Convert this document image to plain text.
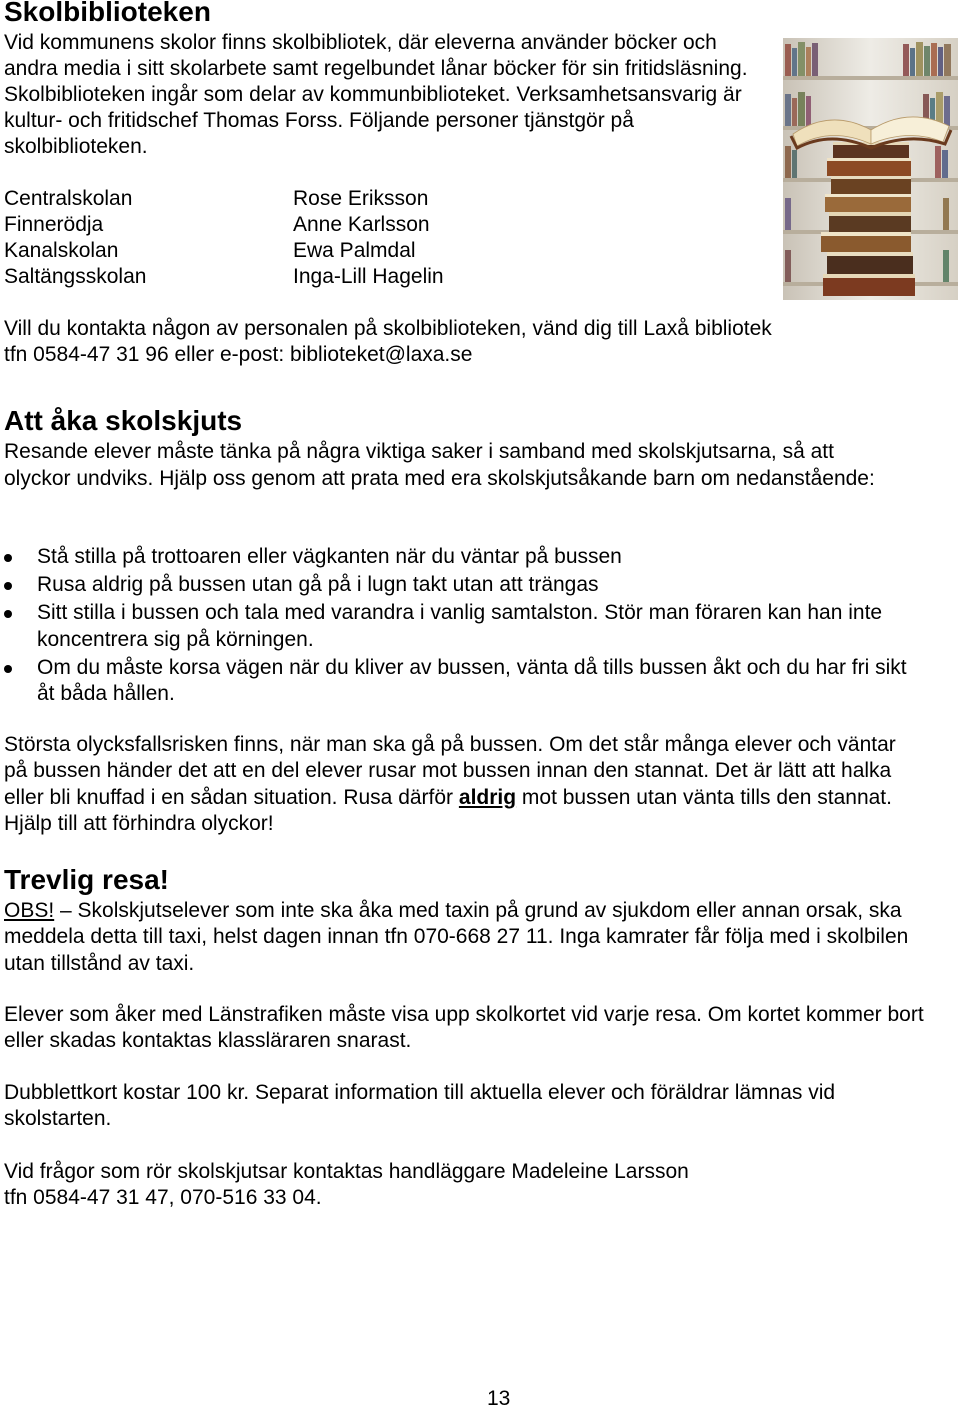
Skolbiblioteken

Vid kommunens skolor finns skolbibliotek, där eleverna använder böcker och andra media i sitt skolarbete samt regelbundet lånar böcker för sin fritidsläsning. Skolbiblioteken ingår som delar av kommunbiblioteket. Verksamhetsansvarig är kultur- och fritidschef Thomas Forss. Följande personer tjänstgör på skolbiblioteken.

Centralskolan	Rose Eriksson
Finnerödja	Anne Karlsson
Kanalskolan	Ewa Palmdal
Saltängsskolan	Inga-Lill Hagelin

Vill du kontakta någon av personalen på skolbiblioteken, vänd dig till Laxå bibliotek

tfn 0584-47 31 96 eller e-post: biblioteket@laxa.se

Att åka skolskjuts

Resande elever måste tänka på några viktiga saker i samband med skolskjutsarna, så att olyckor undviks. Hjälp oss genom att prata med era skolskjutsåkande barn om nedanstående:

Stå stilla på trottoaren eller vägkanten när du väntar på bussen
Rusa aldrig på bussen utan gå på i lugn takt utan att trängas
Sitt stilla i bussen och tala med varandra i vanlig samtalston. Stör man föraren kan han inte koncentrera sig på körningen.
Om du måste korsa vägen när du kliver av bussen, vänta då tills bussen åkt och du har fri sikt åt båda hållen.

Största olycksfallsrisken finns, när man ska gå på bussen. Om det står många elever och väntar på bussen händer det att en del elever rusar mot bussen innan den stannat. Det är lätt att halka eller bli knuffad i en sådan situation. Rusa därför aldrig mot bussen utan vänta tills den stannat. Hjälp till att förhindra olyckor!

Trevlig resa!

OBS! – Skolskjutselever som inte ska åka med taxin på grund av sjukdom eller annan orsak, ska meddela detta till taxi, helst dagen innan tfn 070-668 27 11. Inga kamrater får följa med i skolbilen utan tillstånd av taxi.

Elever som åker med Länstrafiken måste visa upp skolkortet vid varje resa. Om kortet kommer bort eller skadas kontaktas klassläraren snarast.

Dubblettkort kostar 100 kr. Separat information till aktuella elever och föräldrar lämnas vid skolstarten.

Vid frågor som rör skolskjutsar kontaktas handläggare Madeleine Larsson

tfn 0584-47 31 47, 070-516 33 04.

13
